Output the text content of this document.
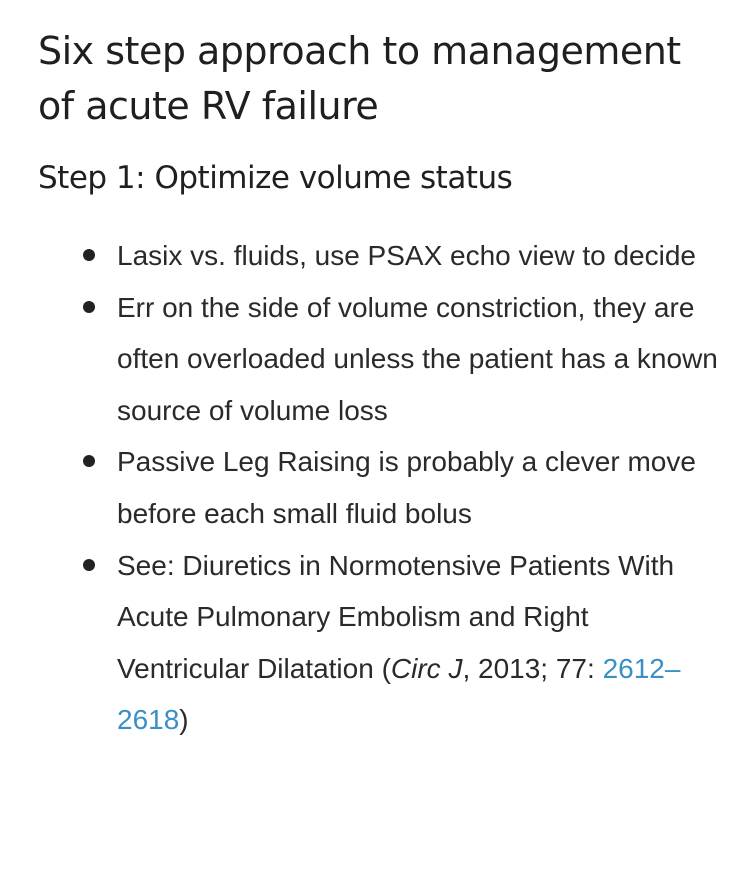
Six step approach to management of acute RV failure
Step 1: Optimize volume status
Lasix vs. fluids, use PSAX echo view to decide
Err on the side of volume constriction, they are often overloaded unless the patient has a known source of volume loss
Passive Leg Raising is probably a clever move before each small fluid bolus
See: Diuretics in Normotensive Patients With Acute Pulmonary Embolism and Right Ventricular Dilatation (Circ J, 2013; 77: 2612–2618)
